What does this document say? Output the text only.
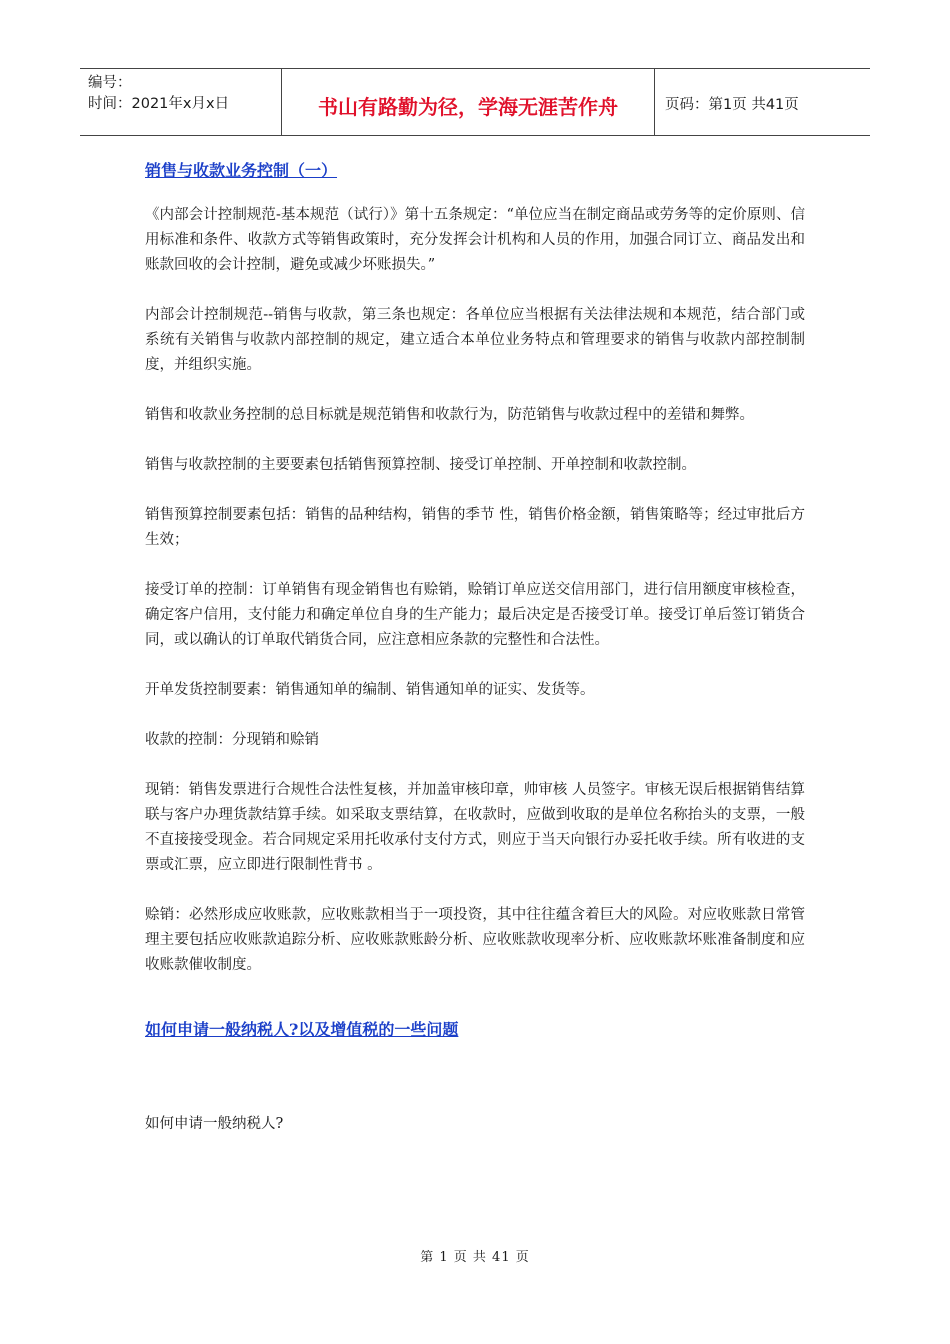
编号：
时间：2021年x月x日	书山有路勤为径，学海无涯苦作舟	页码：第1页 共41页
销售与收款业务控制（一）

《内部会计控制规范-基本规范（试行）》第十五条规定：“单位应当在制定商品或劳务等的定价原则、信用标准和条件、收款方式等销售政策时，充分发挥会计机构和人员的作用，加强合同订立、商品发出和账款回收的会计控制，避免或减少坏账损失。”

内部会计控制规范--销售与收款，第三条也规定：各单位应当根据有关法律法规和本规范，结合部门或系统有关销售与收款内部控制的规定，建立适合本单位业务特点和管理要求的销售与收款内部控制制度，并组织实施。

销售和收款业务控制的总目标就是规范销售和收款行为，防范销售与收款过程中的差错和舞弊。

销售与收款控制的主要要素包括销售预算控制、接受订单控制、开单控制和收款控制。

销售预算控制要素包括：销售的品种结构，销售的季节 性，销售价格金额，销售策略等；经过审批后方生效；

接受订单的控制：订单销售有现金销售也有赊销，赊销订单应送交信用部门，进行信用额度审核检查，确定客户信用，支付能力和确定单位自身的生产能力；最后决定是否接受订单。接受订单后签订销货合同，或以确认的订单取代销货合同，应注意相应条款的完整性和合法性。

开单发货控制要素：销售通知单的编制、销售通知单的证实、发货等。

收款的控制：分现销和赊销

现销：销售发票进行合规性合法性复核，并加盖审核印章，帅审核 人员签字。审核无误后根据销售结算联与客户办理货款结算手续。如采取支票结算，在收款时，应做到收取的是单位名称抬头的支票，一般不直接接受现金。若合同规定采用托收承付支付方式，则应于当天向银行办妥托收手续。所有收进的支票或汇票，应立即进行限制性背书 。

赊销：必然形成应收账款，应收账款相当于一项投资，其中往往蕴含着巨大的风险。对应收账款日常管理主要包括应收账款追踪分析、应收账款账龄分析、应收账款收现率分析、应收账款坏账准备制度和应收账款催收制度。

如何申请一般纳税人?以及增值税的一些问题

如何申请一般纳税人?

第 1 页 共 41 页
